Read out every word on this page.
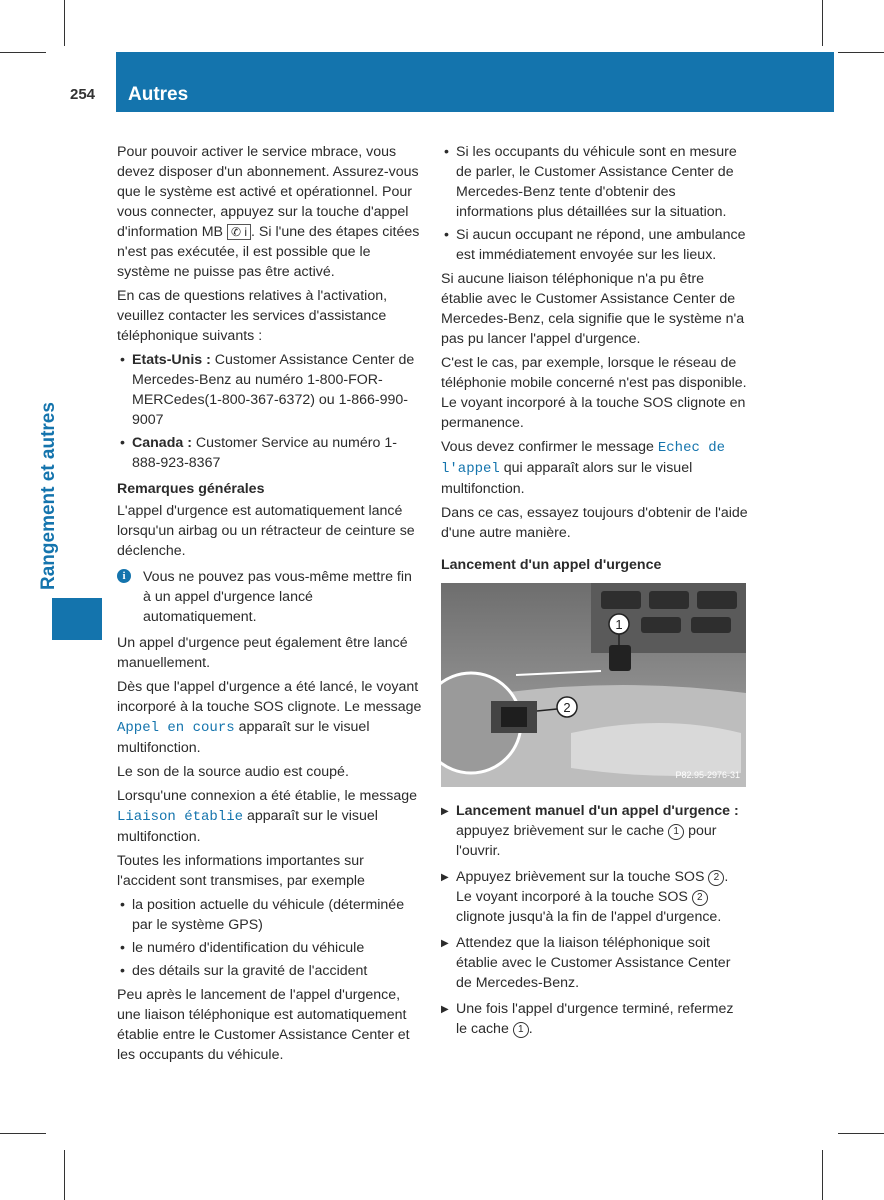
254 Autres
Rangement et autres

Pour pouvoir activer le service mbrace, vous devez disposer d'un abonnement. Assurez-vous que le système est activé et opérationnel. Pour vous connecter, appuyez sur la touche d'appel d'information MB ✆ i . Si l'une des étapes citées n'est pas exécutée, il est possible que le système ne puisse pas être activé.

En cas de questions relatives à l'activation, veuillez contacter les services d'assistance téléphonique suivants :

• Etats-Unis : Customer Assistance Center de Mercedes-Benz au numéro 1-800-FOR-MERCedes(1-800-367-6372) ou 1-866-990-9007
• Canada : Customer Service au numéro 1-888-923-8367
Remarques générales

L'appel d'urgence est automatiquement lancé lorsqu'un airbag ou un rétracteur de ceinture se déclenche.

i	Vous ne pouvez pas vous-même mettre fin à un appel d'urgence lancé automatiquement.

Un appel d'urgence peut également être lancé manuellement.

Dès que l'appel d'urgence a été lancé, le voyant incorporé à la touche SOS clignote. Le message Appel en cours apparaît sur le visuel multifonction.

Le son de la source audio est coupé.

Lorsqu'une connexion a été établie, le message Liaison établie apparaît sur le visuel multifonction.

Toutes les informations importantes sur l'accident sont transmises, par exemple

• la position actuelle du véhicule (déterminée par le système GPS)
• le numéro d'identification du véhicule
• des détails sur la gravité de l'accident

Peu après le lancement de l'appel d'urgence, une liaison téléphonique est automatiquement établie entre le Customer Assistance Center et les occupants du véhicule.

• Si les occupants du véhicule sont en mesure de parler, le Customer Assistance Center de Mercedes-Benz tente d'obtenir des informations plus détaillées sur la situation.
• Si aucun occupant ne répond, une ambulance est immédiatement envoyée sur les lieux.

Si aucune liaison téléphonique n'a pu être établie avec le Customer Assistance Center de Mercedes-Benz, cela signifie que le système n'a pas pu lancer l'appel d'urgence.

C'est le cas, par exemple, lorsque le réseau de téléphonie mobile concerné n'est pas disponible. Le voyant incorporé à la touche SOS clignote en permanence.

Vous devez confirmer le message Echec de l'appel qui apparaît alors sur le visuel multifonction.

Dans ce cas, essayez toujours d'obtenir de l'aide d'une autre manière.

Lancement d'un appel d'urgence
1
2
P82.95-2976-31
▶ Lancement manuel d'un appel d'urgence : appuyez brièvement sur le cache 1 pour l'ouvrir.
▶ Appuyez brièvement sur la touche SOS 2 . Le voyant incorporé à la touche SOS 2 clignote jusqu'à la fin de l'appel d'urgence.
▶ Attendez que la liaison téléphonique soit établie avec le Customer Assistance Center de Mercedes-Benz.
▶ Une fois l'appel d'urgence terminé, refermez le cache 1 .
